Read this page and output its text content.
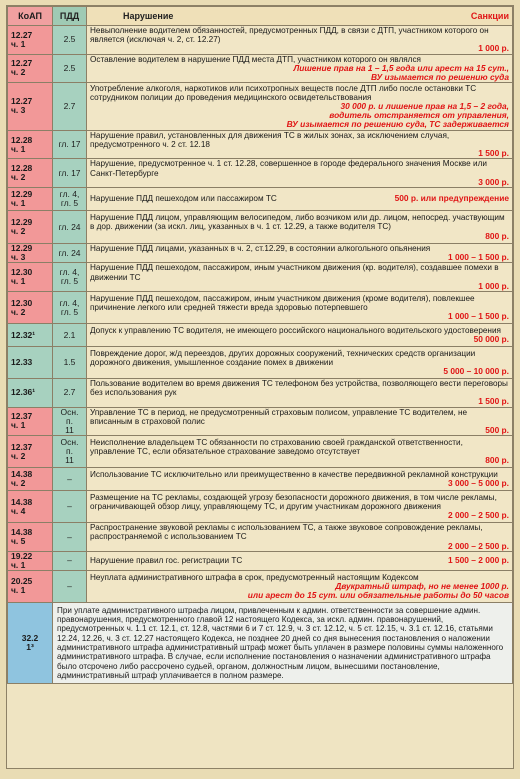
КоАП	ПДД	Нарушение Санкции

12.27
ч. 1	2.5	Невыполнение водителем обязанностей, предусмотренных ПДД, в связи с ДТП, участником которого он является (исключая ч. 2, ст. 12.27)
1 000 р.

12.27
ч. 2	2.5	Оставление водителем в нарушение ПДД места ДТП, участником которого он являлся
Лишение прав на 1 – 1,5 года или арест на 15 сут.,
ВУ изымается по решению суда

12.27
ч. 3	2.7	Употребление алкоголя, наркотиков или психотропных веществ после ДТП либо после остановки ТС сотрудником полиции до проведения медицинского освидетельствования
30 000 р. и лишение прав на 1,5 – 2 года,
водитель отстраняется от управления,
ВУ изымается по решению суда, ТС задерживается

12.28
ч. 1	гл. 17	Нарушение правил, установленных для движения ТС в жилых зонах, за исключением случая, предусмотренного ч. 2 ст. 12.18
1 500 р.

12.28
ч. 2	гл. 17	Нарушение, предусмотренное ч. 1 ст. 12.28, совершенное в городе федерального значения Москве или Санкт-Петербурге
3 000 р.

12.29
ч. 1	гл. 4,
гл. 5	500 р. или предупреждение
Нарушение ПДД пешеходом или пассажиром ТС
12.29
ч. 2	гл. 24	Нарушение ПДД лицом, управляющим велосипедом, либо возчиком или др. лицом, непосред. участвующим в дор. движении (за искл. лиц, указанных в ч. 1 ст. 12.29, а также водителя ТС)
800 р.

12.29
ч. 3	гл. 24	Нарушение ПДД лицами, указанных в ч. 2, ст.12.29, в состоянии алкогольного опьянения
1 000 – 1 500 р.

12.30
ч. 1	гл. 4,
гл. 5	Нарушение ПДД пешеходом, пассажиром, иным участником движения (кр. водителя), создавшее помехи в движении ТС
1 000 р.

12.30
ч. 2	гл. 4,
гл. 5	Нарушение ПДД пешеходом, пассажиром, иным участником движения (кроме водителя), повлекшее причинение легкого или средней тяжести вреда здоровью потерпевшего
1 000 – 1 500 р.

12.32¹	2.1	Допуск к управлению ТС водителя, не имеющего российского национального водительского удостоверения
50 000 р.

12.33	1.5	Повреждение дорог, ж/д переездов, других дорожных сооружений, технических средств организации дорожного движения, умышленное создание помех в движении
5 000 – 10 000 р.

12.36¹	2.7	Пользование водителем во время движения ТС телефоном без устройства, позволяющего вести переговоры без использования рук
1 500 р.

12.37
ч. 1	Осн. п.
11	Управление ТС в период, не предусмотренный страховым полисом, управление ТС водителем, не вписанным в страховой полис
500 р.

12.37
ч. 2	Осн. п.
11	Неисполнение владельцем ТС обязанности по страхованию своей гражданской ответственности, управление ТС, если обязательное страхование заведомо отсутствует
800 р.

14.38
ч. 2	–	Использование ТС исключительно или преимущественно в качестве передвижной рекламной конструкции
3 000 – 5 000 р.

14.38
ч. 4	–	Размещение на ТС рекламы, создающей угрозу безопасности дорожного движения, в том числе рекламы, ограничивающей обзор лицу, управляющему ТС, и другим участникам дорожного движения
2 000 – 2 500 р.

14.38
ч. 5	–	Распространение звуковой рекламы с использованием ТС, а также звуковое сопровождение рекламы, распространяемой с использованием ТС
2 000 – 2 500 р.

19.22
ч. 1	–	1 500 – 2 000 р.
Нарушение правил гос. регистрации ТС
20.25
ч. 1	–	Неуплата административного штрафа в срок, предусмотренный настоящим Кодексом
Двукратный штраф, но не менее 1000 р.
или арест до 15 сут. или обязательные работы до 50 часов

32.2
1³	При уплате административного штрафа лицом, привлеченным к админ. ответственности за совершение админ. правонарушения, предусмотренного главой 12 настоящего Кодекса, за искл. админ. правонарушений, предусмотренных ч. 1.1 ст. 12.1, ст. 12.8, частями 6 и 7 ст. 12.9, ч. 3 ст. 12.12, ч. 5 ст. 12.15, ч. 3.1 ст. 12.16, статьями 12.24, 12.26, ч. 3 ст. 12.27 настоящего Кодекса, не позднее 20 дней со дня вынесения постановления о наложении административного штрафа административный штраф может быть уплачен в размере половины суммы наложенного административного штрафа. В случае, если исполнение постановления о назначении административного штрафа было отсрочено либо рассрочено судьей, органом, должностным лицом, вынесшими постановление, административный штраф уплачивается в полном размере.	
